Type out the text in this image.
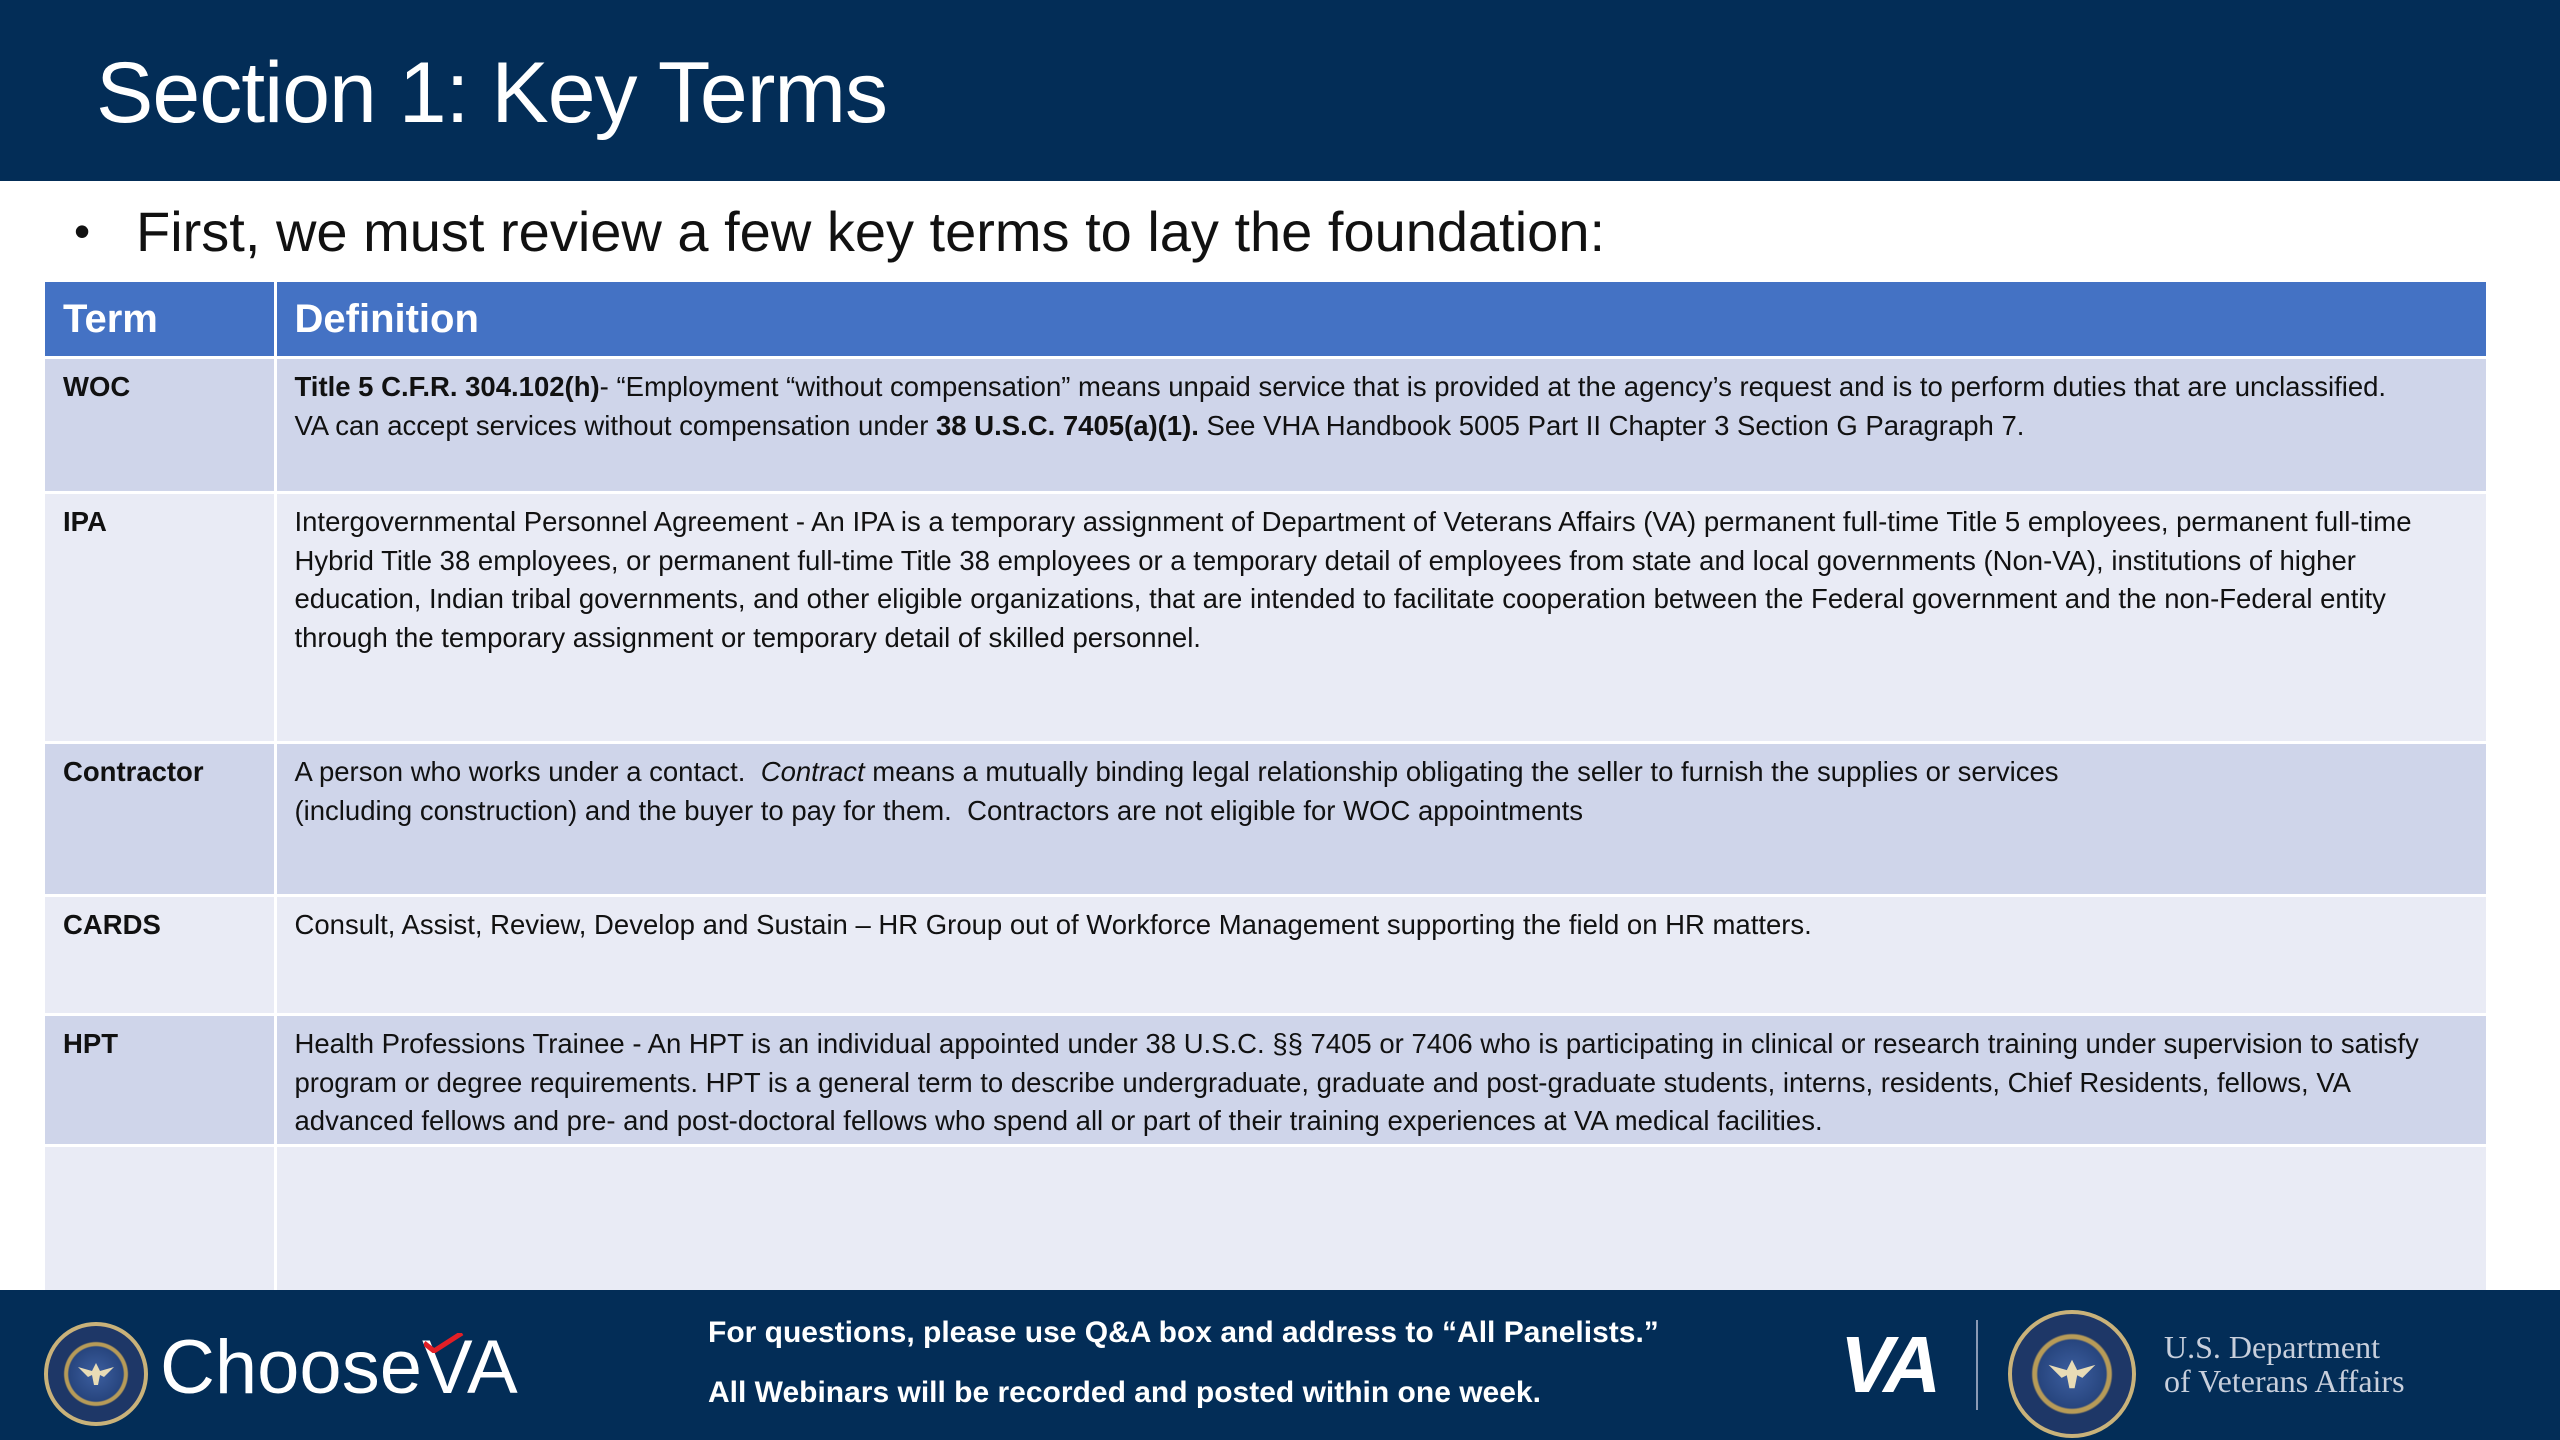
Section 1: Key Terms
• First, we must review a few key terms to lay the foundation:
Term	Definition
WOC	Title 5 C.F.R. 304.102(h)- “Employment “without compensation” means unpaid service that is provided at the agency’s request and is to perform duties that are unclassified.
VA can accept services without compensation under 38 U.S.C. 7405(a)(1). See VHA Handbook 5005 Part II Chapter 3 Section G Paragraph 7.
IPA	Intergovernmental Personnel Agreement - An IPA is a temporary assignment of Department of Veterans Affairs (VA) permanent full-time Title 5 employees, permanent full-time Hybrid Title 38 employees, or permanent full-time Title 38 employees or a temporary detail of employees from state and local governments (Non-VA), institutions of higher education, Indian tribal governments, and other eligible organizations, that are intended to facilitate cooperation between the Federal government and the non-Federal entity through the temporary assignment or temporary detail of skilled personnel.
Contractor	A person who works under a contact.  Contract means a mutually binding legal relationship obligating the seller to furnish the supplies or services
(including construction) and the buyer to pay for them.  Contractors are not eligible for WOC appointments
CARDS	Consult, Assist, Review, Develop and Sustain – HR Group out of Workforce Management supporting the field on HR matters.
HPT	Health Professions Trainee - An HPT is an individual appointed under 38 U.S.C. §§ 7405 or 7406 who is participating in clinical or research training under supervision to satisfy program or degree requirements. HPT is a general term to describe undergraduate, graduate and post-graduate students, interns, residents, Chief Residents, fellows, VA advanced fellows and pre- and post-doctoral fellows who spend all or part of their training experiences at VA medical facilities.

Choose
VA	For questions, please use Q&A box and address to “All Panelists.”
All Webinars will be recorded and posted within one week.	VA	U.S. Department
of Veterans Affairs
